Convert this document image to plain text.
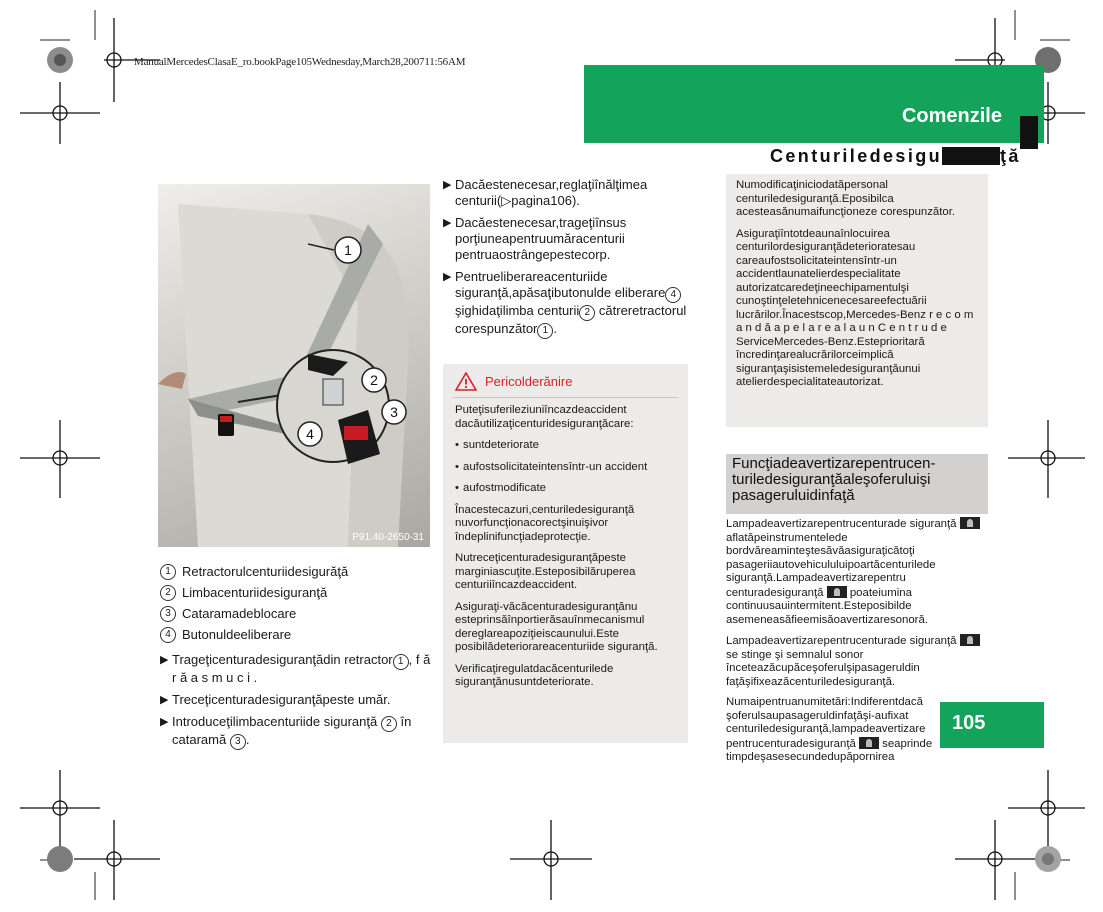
ManualMercedesClasaE_ro.bookPage105Wednesday,March28,200711:56AM
Comenzile
Centuriledesigu	ţă
1
2
3
4
P91.40-2650-31
1 Retractorulcenturiidesigurăţă
2 Limbacenturiidesiguranţă
3 Cataramadeblocare
4 Butonuldeeliberare
▶ Trageţicenturadesiguranţădin retractor 1 , f ă r ă a s m u c i .
▶ Treceţicenturadesiguranţăpeste umăr.
▶ Introduceţilimbacenturiide siguranţă 2 în cataramă 3 .
▶ Dacăestenecesar,reglaţiînălţimea centurii(▷pagina106).
▶ Dacăestenecesar,trageţiînsus porţiuneapentruumăracenturii pentruaostrângepestecorp.
▶ Pentrueliberareacenturiide siguranţă,apăsaţibutonulde eliberare 4 şighidaţilimba centurii 2 cătreretractorul corespunzător 1 .
Pericolderănire

Puteţisuferileziuniîncazdeaccident dacăutilizaţicenturidesiguranţăcare:

• suntdeteriorate
• aufostsolicitateintensîntr-un accident
• aufostmodificate

Înacestecazuri,centuriledesiguranţă nuvorfuncţionacorectşinuişivor îndeplinifuncţiadeprotecţie.

Nutreceţicenturadesiguranţăpeste marginiascuţite.Esteposibilăruperea centuriiîncazdeaccident.

Asiguraţi-văcăcenturadesiguranţănu esteprinsăînportierăsauînmecanismul dereglareapoziţieiscaunului.Este posibilădeteriorareacenturiide siguranţă.

Verificaţiregulatdacăcenturilede siguranţănusuntdeteriorate.

Numodificaţiniciodatăpersonal centuriledesiguranţă.Eposibilca acesteasănumaifuncţioneze corespunzător.

Asiguraţiîntotdeaunaînlocuirea centurilordesiguranţădeterioratesau careaufostsolicitateintensîntr-un accidentlaunatelierdespecialitate autorizatcaredeţineechipamentulşi cunoştinţeletehnicenecesareefectuării lucrărilor.Înacestscop,Mercedes-Benz r e c o m a n d ă a p e l a r e a l a u n C e n t r u d e ServiceMercedes-Benz.Esteprioritară încredinţarealucrărilorceimplică siguranţaşisistemeledesiguranţăunui atelierdespecialitateautorizat.

Funcţiadeavertizarepentrucen- turiledesiguranţăaleşoferuluişi pasageruluidinfaţă

Lampadeavertizarepentrucenturade siguranţă  aflatăpeinstrumentelede bordvăreaminteştesăvăasiguraţicătoţi pasageriiautovehicululuipoartăcenturilede siguranţă.Lampadeavertizarepentru centuradesiguranţă  poateiumina continuusauintermitent.Esteposibilde asemeneasăfieemisăoavertizaresonoră.

Lampadeavertizarepentrucenturade siguranţă  se stinge şi semnalul sonor înceteazăcupăceşoferulşipasageruldin faţăşifixeazăcenturiledesiguranţă.

Numaipentruanumitetări:Indiferentdacă şoferulsaupasageruldinfaţăşi-aufixat centuriledesiguranţă,lampadeavertizare pentrucenturadesiguranţă  seaprinde timpdeşasesecundedupăpornirea

105
